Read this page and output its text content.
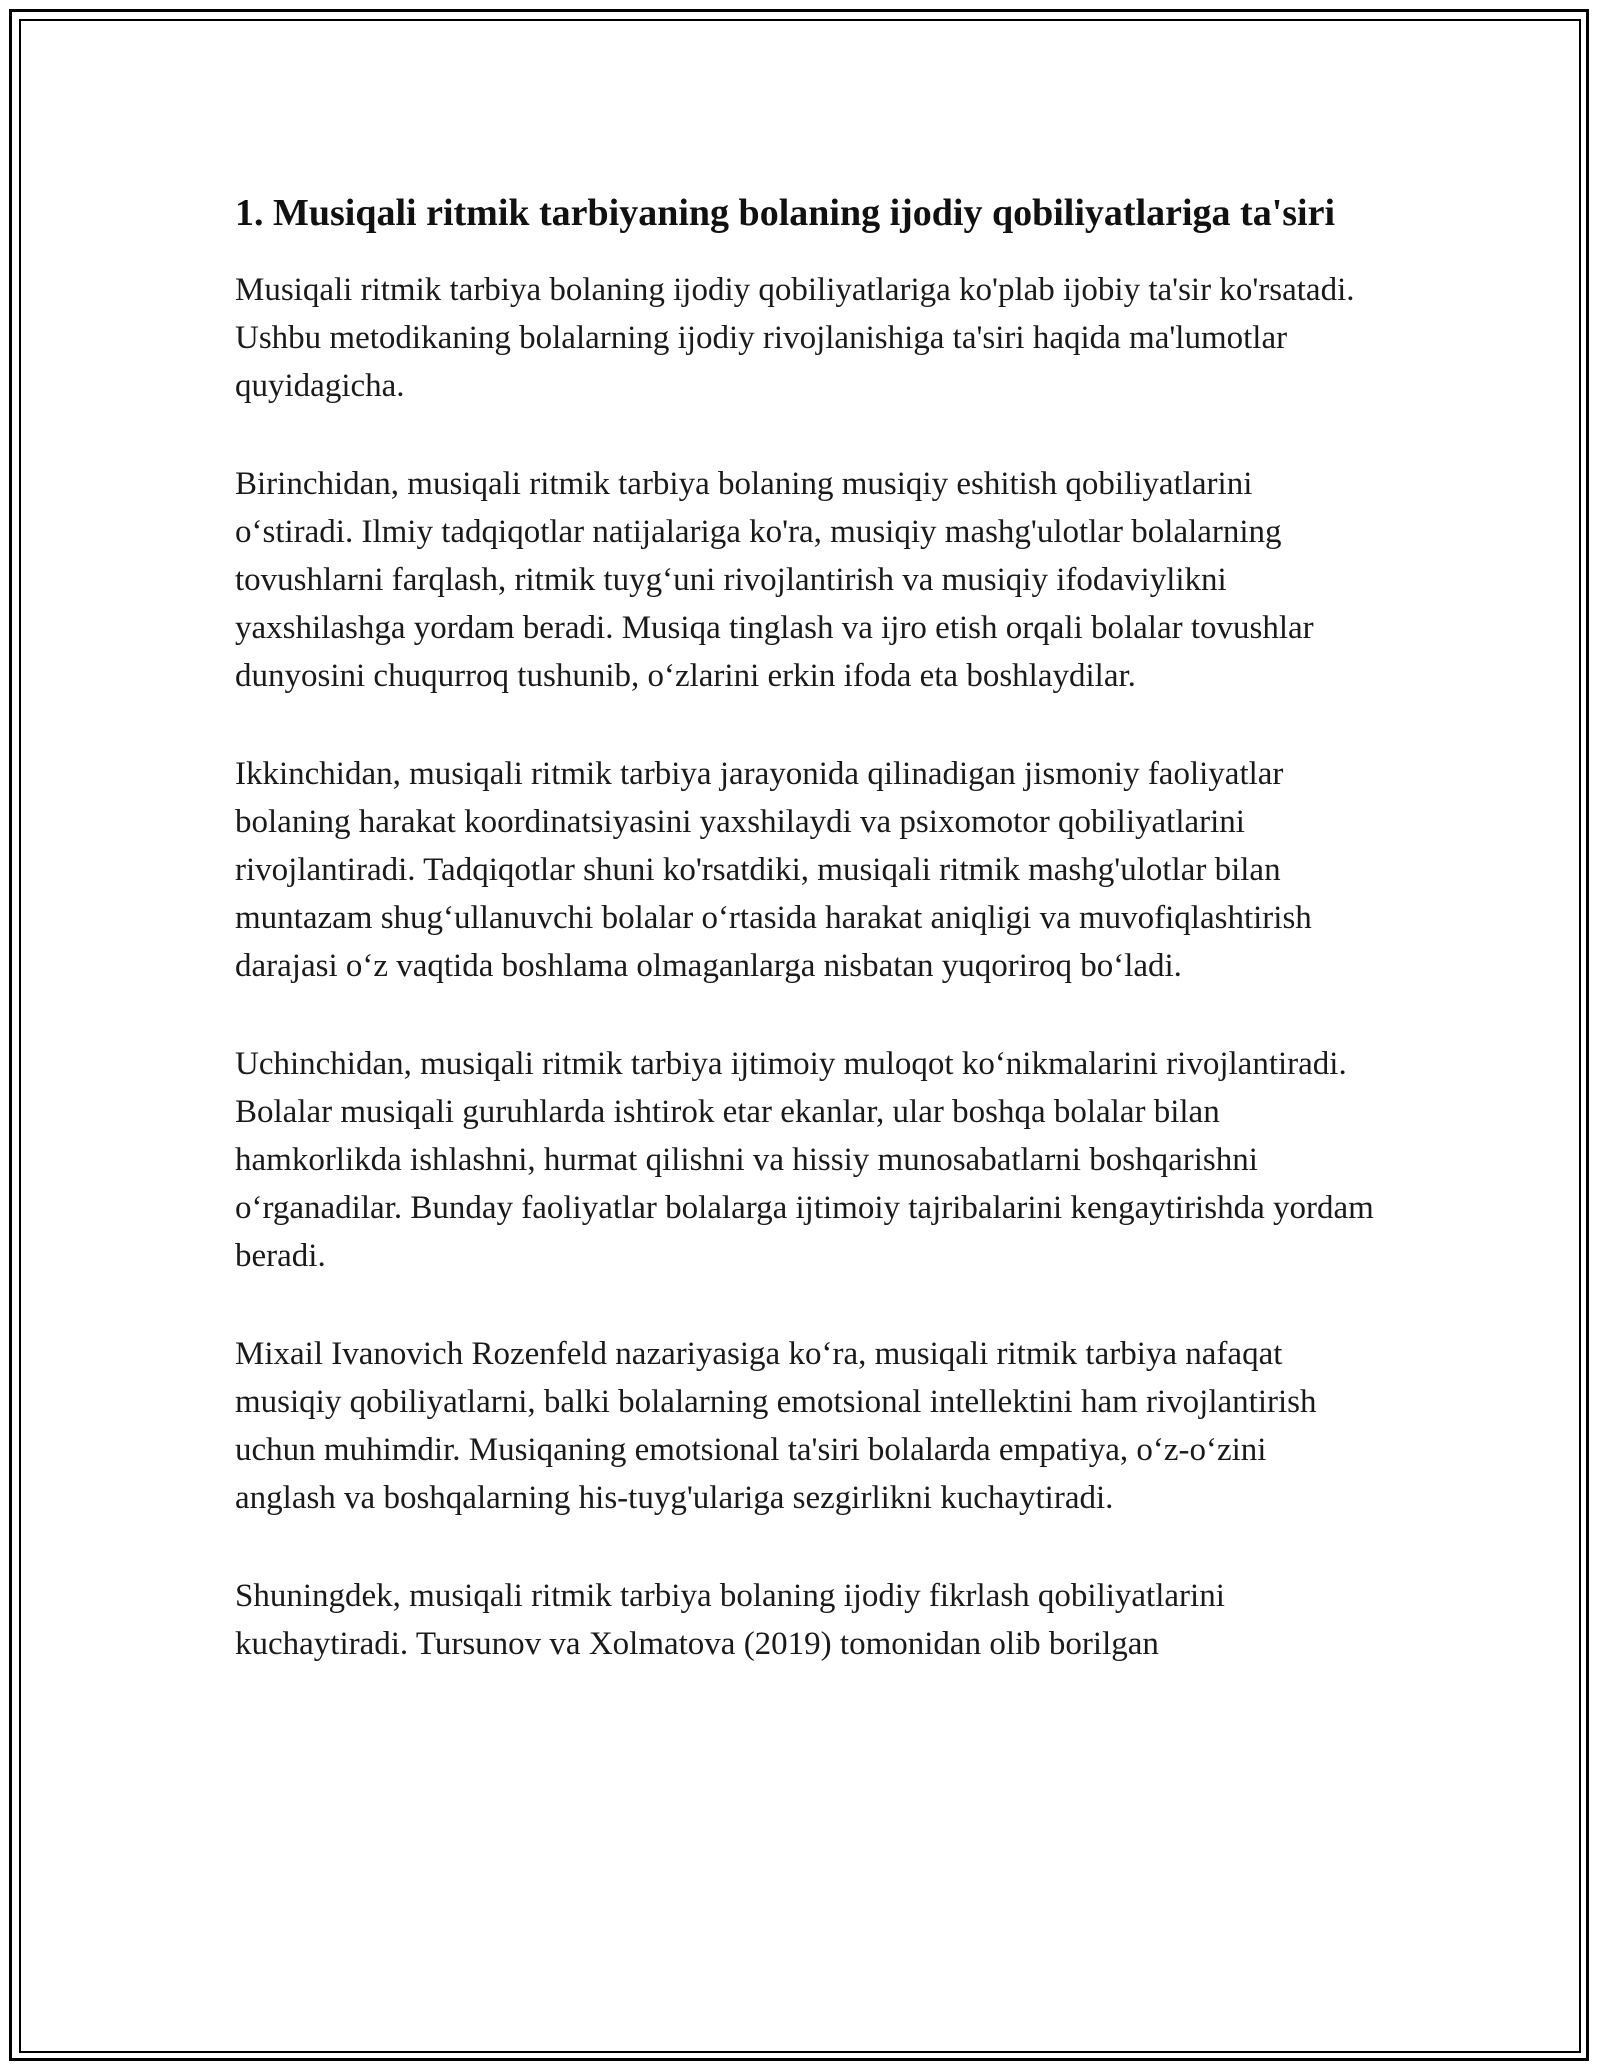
1. Musiqali ritmik tarbiyaning bolaning ijodiy qobiliyatlariga ta'siri

Musiqali ritmik tarbiya bolaning ijodiy qobiliyatlariga ko'plab ijobiy ta'sir ko'rsatadi. Ushbu metodikaning bolalarning ijodiy rivojlanishiga ta'siri haqida ma'lumotlar quyidagicha.

Birinchidan, musiqali ritmik tarbiya bolaning musiqiy eshitish qobiliyatlarini o‘stiradi. Ilmiy tadqiqotlar natijalariga ko'ra, musiqiy mashg'ulotlar bolalarning tovushlarni farqlash, ritmik tuyg‘uni rivojlantirish va musiqiy ifodaviylikni yaxshilashga yordam beradi. Musiqa tinglash va ijro etish orqali bolalar tovushlar dunyosini chuqurroq tushunib, o‘zlarini erkin ifoda eta boshlaydilar.

Ikkinchidan, musiqali ritmik tarbiya jarayonida qilinadigan jismoniy faoliyatlar bolaning harakat koordinatsiyasini yaxshilaydi va psixomotor qobiliyatlarini rivojlantiradi. Tadqiqotlar shuni ko'rsatdiki, musiqali ritmik mashg'ulotlar bilan muntazam shug‘ullanuvchi bolalar o‘rtasida harakat aniqligi va muvofiqlashtirish darajasi o‘z vaqtida boshlama olmaganlarga nisbatan yuqoriroq bo‘ladi.

Uchinchidan, musiqali ritmik tarbiya ijtimoiy muloqot ko‘nikmalarini rivojlantiradi. Bolalar musiqali guruhlarda ishtirok etar ekanlar, ular boshqa bolalar bilan hamkorlikda ishlashni, hurmat qilishni va hissiy munosabatlarni boshqarishni o‘rganadilar. Bunday faoliyatlar bolalarga ijtimoiy tajribalarini kengaytirishda yordam beradi.

Mixail Ivanovich Rozenfeld nazariyasiga ko‘ra, musiqali ritmik tarbiya nafaqat musiqiy qobiliyatlarni, balki bolalarning emotsional intellektini ham rivojlantirish uchun muhimdir. Musiqaning emotsional ta'siri bolalarda empatiya, o‘z-o‘zini anglash va boshqalarning his-tuyg'ulariga sezgirlikni kuchaytiradi.

Shuningdek, musiqali ritmik tarbiya bolaning ijodiy fikrlash qobiliyatlarini kuchaytiradi. Tursunov va Xolmatova (2019) tomonidan olib borilgan
